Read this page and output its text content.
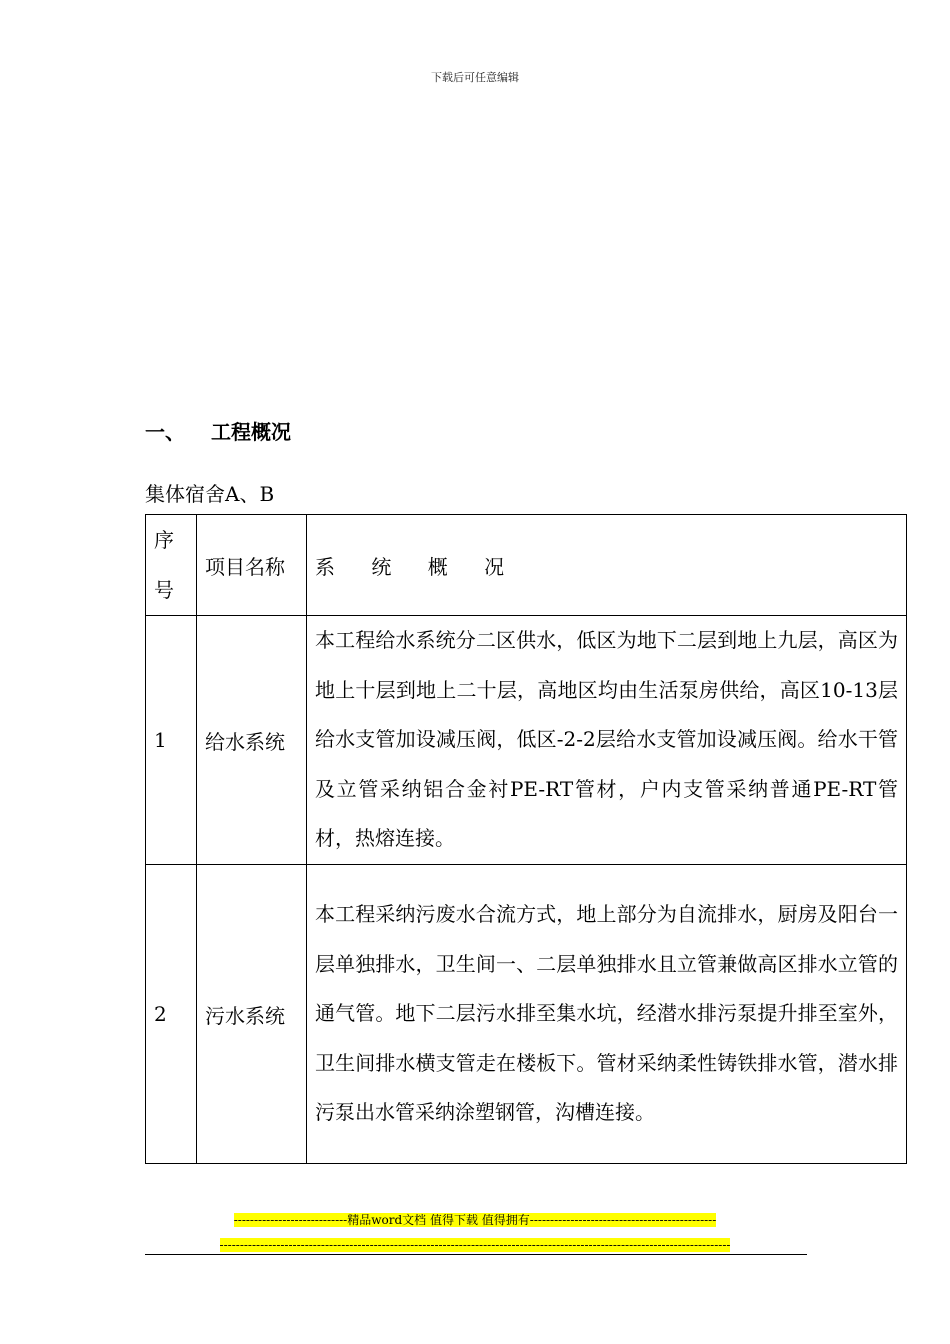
下载后可任意编辑
一、	工程概况
集体宿舍A、B
序
号	项目名称	系 统 概 况
1	给水系统	本工程给水系统分二区供水，低区为地下二层到地上九层，高区为地上十层到地上二十层，高地区均由生活泵房供给，高区10-13层给水支管加设减压阀，低区-2-2层给水支管加设减压阀。给水干管及立管采纳铝合金衬PE-RT管材，户内支管采纳普通PE-RT管材，热熔连接。
2	污水系统	本工程采纳污废水合流方式，地上部分为自流排水，厨房及阳台一层单独排水，卫生间一、二层单独排水且立管兼做高区排水立管的通气管。地下二层污水排至集水坑，经潜水排污泵提升排至室外，卫生间排水横支管走在楼板下。管材采纳柔性铸铁排水管，潜水排污泵出水管采纳涂塑钢管，沟槽连接。
----------------------------精品word文档 值得下载 值得拥有----------------------------------------------
------------------------------------------------------------------------------------------------------------------------------
